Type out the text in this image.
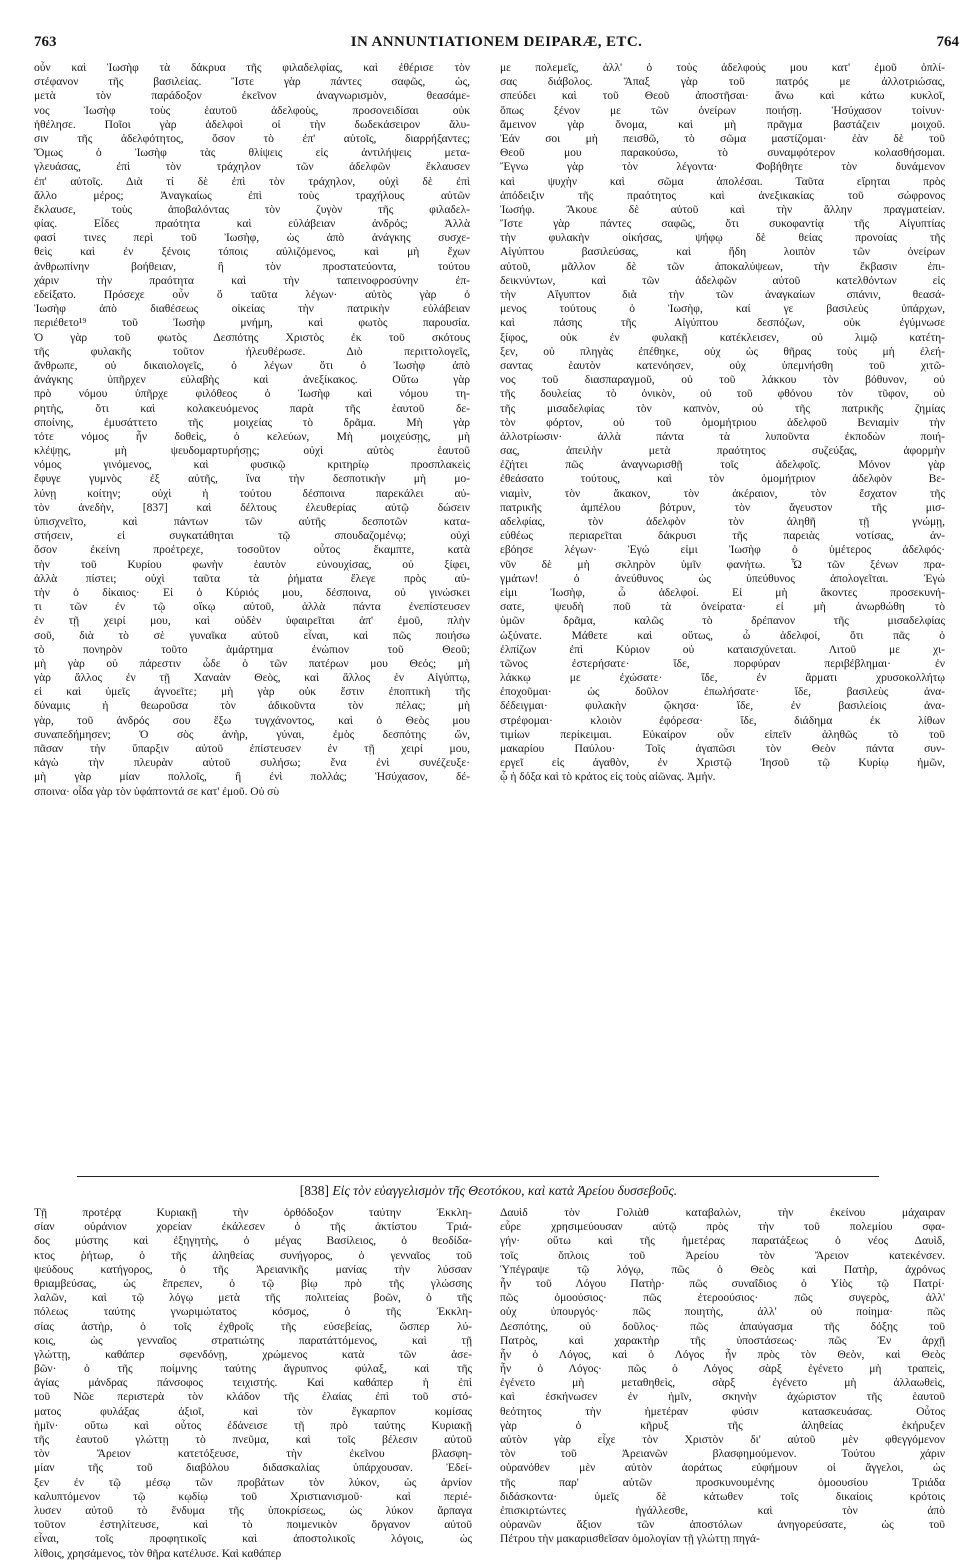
763	IN ANNUNTIATIONEM DEIPARÆ, ETC.	764
οὖν καὶ Ἰωσὴφ τὰ δάκρυα τῆς φιλαδελφίας, καὶ ἐθέρισε τὸν
στέφανον τῆς βασιλείας. Ἴστε γὰρ πάντες σαφῶς, ὡς,
μετὰ τὸν παράδοξον ἐκεῖνον ἀναγνωρισμὸν, θεασάμε-
νος Ἰωσὴφ τοὺς ἑαυτοῦ ἀδελφοὺς, προσονειδίσαι οὐκ
ἠθέλησε. Ποῖοι γὰρ ἀδελφοὶ οἱ τὴν δωδεκάσειρον ἅλυ-
σιν τῆς ἀδελφότητος, ὅσον τὸ ἐπ' αὐτοῖς, διαρρήξαντες;
Ὅμως ὁ Ἰωσὴφ τὰς θλίψεις εἰς ἀντιλήψεις μετα-
γλευάσας, ἐπὶ τὸν τράχηλον τῶν ἀδελφῶν ἔκλαυσεν
ἐπ' αὐτοῖς. Διὰ τί δὲ ἐπὶ τὸν τράχηλον, οὐχὶ δὲ ἐπὶ
ἄλλο μέρος; Ἀναγκαίως ἐπὶ τοὺς τραχήλους αὐτῶν
ἔκλαυσε, τοὺς ἀποβαλόντας τὸν ζυγὸν τῆς φιλαδελ-
φίας. Εἶδες πραότητα καὶ εὐλάβειαν ἀνδρός; Ἀλλὰ
φασί τινες περὶ τοῦ Ἰωσὴφ, ὡς ἀπὸ ἀνάγκης συσχε-
θεὶς καὶ ἐν ξένοις τόποις αὐλιζόμενος, καὶ μὴ ἔχων
ἀνθρωπίνην βοήθειαν, ἢ τὸν προστατεύοντα, τούτου
χάριν τὴν πραότητα καὶ τὴν ταπεινοφροσύνην ἐπ-
εδείξατο. Πρόσεχε οὖν ὅ ταῦτα λέγων· αὐτὸς γὰρ ὁ
Ἰωσὴφ ἀπὸ διαθέσεως οἰκείας τὴν πατρικὴν εὐλάβειαν
περιέθετο¹⁹ τοῦ Ἰωσὴφ μνήμη, καὶ φωτὸς παρουσία.
Ὁ γὰρ τοῦ φωτὸς Δεσπότης Χριστὸς ἐκ τοῦ σκότους
τῆς φυλακῆς τοῦτον ἠλευθέρωσε. Διὸ περιττολογεῖς,
ἄνθρωπε, οὐ δικαιολογεῖς, ὁ λέγων ὅτι ὁ Ἰωσὴφ ἀπὸ
ἀνάγκης ὑπῆρχεν εὐλαβὴς καὶ ἀνεξίκακος. Οὕτω γὰρ
πρὸ νόμου ὑπῆρχε φιλόθεος ὁ Ἰωσὴφ καὶ νόμου τη-
ρητὴς, ὅτι καὶ κολακευόμενος παρὰ τῆς ἑαυτοῦ δε-
σποίνης, ἐμυσάττετο τῆς μοιχείας τὸ δρᾶμα. Μὴ γὰρ
τότε νόμος ἦν δοθεὶς, ὁ κελεύων, Μὴ μοιχεύσῃς, μὴ
κλέψῃς, μὴ ψευδομαρτυρήσῃς; οὐχὶ αὐτὸς ἑαυτοῦ
νόμος γινόμενος, καὶ φυσικῷ κριτηρίῳ προσπλακεὶς
ἔφυγε γυμνὸς ἐξ αὐτῆς, ἵνα τὴν δεσποτικὴν μὴ μο-
λύνῃ κοίτην; οὐχὶ ἡ τούτου δέσποινα παρεκάλει αὐ-
τὸν ἀνεδὴν, [837] καὶ δέλτους ἐλευθερίας αὐτῷ δώσειν
ὑπισχνεῖτο, καὶ πάντων τῶν αὐτῆς δεσποτῶν κατα-
στήσειν, εἰ συγκατάθηται τῷ σπουδαζομένῳ; οὐχὶ
ὅσον ἐκείνη προέτρεχε, τοσοῦτον οὗτος ἔκαμπτε, κατὰ
τὴν τοῦ Κυρίου φωνὴν ἑαυτὸν εὐνουχίσας, οὐ ξίφει,
ἀλλὰ πίστει; οὐχὶ ταῦτα τὰ ῥήματα ἔλεγε πρὸς αὐ-
τὴν ὁ δίκαιος· Εἰ ὁ Κύριός μου, δέσποινα, οὐ γινώσκει
τι τῶν ἐν τῷ οἴκῳ αὐτοῦ, ἀλλὰ πάντα ἐνεπίστευσεν
ἐν τῇ χειρί μου, καὶ οὐδὲν ὑφαιρεῖται ἀπ' ἐμοῦ, πλὴν
σοῦ, διὰ τὸ σὲ γυναῖκα αὐτοῦ εἶναι, καὶ πῶς ποιήσω
τὸ πονηρὸν τοῦτο ἁμάρτημα ἐνώπιον τοῦ Θεοῦ;
μὴ γὰρ οὐ πάρεστιν ὧδε ὁ τῶν πατέρων μου Θεός; μὴ
γὰρ ἄλλος ἐν τῇ Χαναὰν Θεὸς, καὶ ἄλλος ἐν Αἰγύπτῳ,
εἰ καὶ ὑμεῖς ἀγνοεῖτε; μὴ γὰρ οὐκ ἔστιν ἐποπτικὴ τῆς
δύναμις ἡ θεωροῦσα τὸν ἀδικοῦντα τὸν πέλας; μὴ
γὰρ, τοῦ ἀνδρός σου ἔξω τυγχάνοντος, καὶ ὁ Θεὸς μου
συναπεδήμησεν; Ὁ σὸς ἀνὴρ, γύναι, ἐμὸς δεσπότης ὤν,
πᾶσαν τὴν ὕπαρξιν αὐτοῦ ἐπίστευσεν ἐν τῇ χειρί μου,
κἀγὼ τὴν πλευρὰν αὐτοῦ συλήσω; ἕνα ἐνὶ συνέζευξε·
μὴ γὰρ μίαν πολλοῖς, ἢ ἐνὶ πολλάς; Ἡσύχασον, δέ-
σποινα· οἶδα γὰρ τὸν ὑφάπτοντά σε κατ' ἐμοῦ. Οὐ σὺ
με πολεμεῖς, ἀλλ' ὁ τοὺς ἀδελφούς μου κατ' ἐμοῦ ὁπλί-
σας διάβολος. Ἅπαξ γὰρ τοῦ πατρός με ἀλλοτριώσας,
σπεύδει καὶ τοῦ Θεοῦ ἀποστῆσαι· ἄνω καὶ κάτω κυκλοῖ,
ὅπως ξένον με τῶν ὀνείρων ποιήσῃ. Ἡσύχασον τοίνυν·
ἄμεινον γὰρ ὄνομα, καὶ μὴ πρᾶγμα βαστάζειν μοιχοῦ.
Ἐάν σοι μὴ πεισθῶ, τὸ σῶμα μαστίζομαι· ἐὰν δὲ τοῦ
Θεοῦ μου παρακούσω, τὸ συναμφότερον κολασθήσομαι.
Ἔγνω γὰρ τὸν λέγοντα· Φοβήθητε τὸν δυνάμενον
καὶ ψυχὴν καὶ σῶμα ἀπολέσαι. Ταῦτα εἴρηται πρὸς
ἀπόδειξιν τῆς πραότητος καὶ ἀνεξικακίας τοῦ σώφρονος
Ἰωσήφ. Ἄκουε δὲ αὐτοῦ καὶ τὴν ἄλλην πραγματείαν.
Ἴστε γὰρ πάντες σαφῶς, ὅτι συκοφαντίᾳ τῆς Αἰγυπτίας
τὴν φυλακὴν οἰκήσας, ψήφῳ δὲ θείας προνοίας τῆς
Αἰγύπτου βασιλεύσας, καὶ ἤδη λοιπὸν τῶν ὀνείρων
αὐτοῦ, μᾶλλον δὲ τῶν ἀποκαλύψεων, τὴν ἔκβασιν ἐπι-
δεικνύντων, καὶ τῶν ἀδελφῶν αὐτοῦ κατελθόντων εἰς
τὴν Αἴγυπτον διὰ τὴν τῶν ἀναγκαίων σπάνιν, θεασά-
μενος τούτους ὁ Ἰωσὴφ, καί γε βασιλεὺς ὑπάρχων,
καὶ πάσης τῆς Αἰγύπτου δεσπόζων, οὐκ ἐγύμνωσε
ξίφος, οὐκ ἐν φυλακῇ κατέκλεισεν, οὐ λιμῷ κατέτη-
ξεν, οὐ πληγὰς ἐπέθηκε, οὐχ ὡς θῆρας τοὺς μὴ ἐλεή-
σαντας ἑαυτὸν κατενόησεν, οὐχ ὑπεμνήσθη τοῦ χιτῶ-
νος τοῦ διασπαραγμοῦ, οὐ τοῦ λάκκου τὸν βόθυνον, οὐ
τῆς δουλείας τὸ ὀνικὸν, οὐ τοῦ φθόνου τὸν τῦφον, οὐ
τῆς μισαδελφίας τὸν καπνὸν, οὐ τῆς πατρικῆς ζημίας
τὸν φόρτον, οὐ τοῦ ὁμομήτριου ἀδελφοῦ Βενιαμὶν τὴν
ἀλλοτρίωσιν· ἀλλὰ πάντα τὰ λυποῦντα ἐκποδὼν ποιή-
σας, ἀπειλὴν μετὰ πραότητος συζεύξας, ἀφορμὴν
ἐζήτει πῶς ἀναγνωρισθῇ τοῖς ἀδελφοῖς. Μόνον γὰρ
ἐθεάσατο τούτους, καὶ τὸν ὁμομήτριον ἀδελφὸν Βε-
νιαμὶν, τὸν ἄκακον, τὸν ἀκέραιον, τὸν ἔσχατον τῆς
πατρικῆς ἀμπέλου βότρυν, τὸν ἄγευστον τῆς μισ-
αδελφίας, τὸν ἀδελφὸν τὸν ἀληθῆ τῇ γνώμῃ,
εὐθέως περιαρεῖται δάκρυσι τῆς παρειὰς νοτίσας, ἀν-
εβόησε λέγων· Ἐγώ εἰμι Ἰωσὴφ ὁ ὑμέτερος ἀδελφός·
νῦν δὲ μὴ σκληρὸν ὑμῖν φανήτω. Ὦ τῶν ξένων πρα-
γμάτων! ὁ ἀνεύθυνος ὡς ὑπεύθυνος ἀπολογεῖται. Ἐγώ
εἰμι Ἰωσὴφ, ὦ ἀδελφοί. Εἰ μὴ ἄκοντες προσεκυνή-
σατε, ψευδὴ ποῦ τὰ ὀνείρατα· εἰ μὴ ἀνωρθώθη τὸ
ὑμῶν δρᾶμα, καλῶς τὸ δρέπανον τῆς μισαδελφίας
ὠξύνατε. Μάθετε καὶ οὕτως, ὦ ἀδελφοί, ὅτι πᾶς ὁ
ἐλπίζων ἐπὶ Κύριον οὐ καταισχύνεται. Λιτοῦ με χι-
τῶνος ἐστερήσατε· ἴδε, πορφύραν περιβέβλημαι· ἐν
λάκκῳ με ἐχώσατε· ἴδε, ἐν ἅρματι χρυσοκολλήτῳ
ἐποχοῦμαι· ὡς δοῦλον ἐπωλήσατε· ἴδε, βασιλεὺς ἀνα-
δέδειγμαι· φυλακὴν ᾤκησα· ἴδε, ἐν βασιλείοις ἀνα-
στρέφομαι· κλοιὸν ἐφόρεσα· ἴδε, διάδημα ἐκ λίθων
τιμίων περίκειμαι. Εὐκαίρον οὖν εἰπεῖν ἀληθῶς τὸ τοῦ
μακαρίου Παύλου· Τοῖς ἀγαπῶσι τὸν Θεὸν πάντα συν-
εργεῖ εἰς ἀγαθὸν, ἐν Χριστῷ Ἰησοῦ τῷ Κυρίῳ ἡμῶν,
ᾧ ἡ δόξα καὶ τὸ κράτος εἰς τοὺς αἰῶνας. Ἀμήν.
[838] Εἰς τὸν εὐαγγελισμὸν τῆς Θεοτόκου, καὶ κατὰ Ἀρείου δυσσεβοῦς.
Τῇ προτέρᾳ Κυριακῇ τὴν ὀρθόδοξον ταύτην Ἐκκλη-
σίαν οὐράνιον χορείαν ἐκάλεσεν ὁ τῆς ἀκτίστου Τριά-
δος μύστης καὶ ἐξηγητὴς, ὁ μέγας Βασίλειος, ὁ θεοδίδα-
κτος ῥήτωρ, ὁ τῆς ἀληθείας συνήγορος, ὁ γενναῖος τοῦ
ψεύδους κατήγορος, ὁ τῆς Ἀρειανικῆς μανίας τὴν λύσσαν
θριαμβεύσας, ὡς ἔπρεπεν, ὁ τῷ βίῳ πρὸ τῆς γλώσσης
λαλῶν, καὶ τῷ λόγῳ μετὰ τῆς πολιτείας βοῶν, ὁ τῆς
πόλεως ταύτης γνωριμώτατος κόσμος, ὁ τῆς Ἐκκλη-
σίας ἀστὴρ, ὁ τοῖς ἐχθροῖς τῆς εὐσεβείας, ὥσπερ λύ-
κοις, ὡς γενναῖος στρατιώτης παρατάττόμενος, καὶ τῇ
γλώττῃ, καθάπερ σφενδόνῃ, χρώμενος κατὰ τῶν ἀσε-
βῶν· ὁ τῆς ποίμνης ταύτης ἄγρυπνος φύλαξ, καὶ τῆς
ἁγίας μάνδρας πάνσοφος τειχιστής. Καὶ καθάπερ ἡ ἐπὶ
τοῦ Νῶε περιστερὰ τὸν κλάδον τῆς ἐλαίας ἐπὶ τοῦ στό-
ματος φυλάξας ἀξιοῖ, καὶ τὸν ἔγκαρπον κομίσας
ἡμῖν· οὕτω καὶ οὗτος ἐδάνεισε τῇ πρὸ ταύτης Κυριακῇ
τῆς ἑαυτοῦ γλώττῃ τὸ πνεῦμα, καὶ τοῖς βέλεσιν αὐτοῦ
τὸν Ἄρειον κατετόξευσε, τὴν ἐκεῖνου βλασφη-
μίαν τῆς τοῦ διαβόλου διδασκαλίας ὑπάρχουσαν. Ἐδεί-
ξεν ἐν τῷ μέσῳ τῶν προβάτων τὸν λύκον, ὡς ἀρνίον
καλυπτόμενον τῷ κῳδίῳ τοῦ Χριστιανισμοῦ· καὶ περιέ-
λυσεν αὐτοῦ τὸ ἔνδυμα τῆς ὑποκρίσεως, ὡς λύκον ἅρπαγα
τοῦτον ἐστηλίτευσε, καὶ τὸ ποιμενικὸν ὄργανον αὐτοῦ
εἶναι, τοῖς προφητικοῖς καὶ ἀποστολικοῖς λόγοις, ὡς
λίθοις, χρησάμενος, τὸν θῆρα κατέλυσε. Καὶ καθάπερ
Δαυὶδ τὸν Γολιὰθ καταβαλὼν, τὴν ἐκείνου μάχαιραν
εὗρε χρησιμεύουσαν αὐτῷ πρὸς τὴν τοῦ πολεμίου σφα-
γήν· οὕτω καὶ τῆς ἡμετέρας παρατάξεως ὁ νέος Δαυὶδ,
τοῖς ὅπλοις τοῦ Ἀρείου τὸν Ἄρειον κατεκένσεν.
Ὑπέγραψε τῷ λόγῳ, πῶς ὁ Θεὸς καὶ Πατὴρ, ἀχρόνως
ἦν τοῦ Λόγου Πατὴρ· πῶς συναΐδιος ὁ Υἱὸς τῷ Πατρί·
πῶς ὁμοούσιος· πῶς ἐτεροούσιος· πῶς συγερὸς, ἀλλ'
οὐχ ὑπουργός· πῶς ποιητὴς, ἀλλ' οὐ ποίημα· πῶς
Δεσπότης, οὐ δοῦλος· πῶς ἀπαύγασμα τῆς δόξης τοῦ
Πατρὸς, καὶ χαρακτὴρ τῆς ὑποστάσεως· πῶς Ἐν ἀρχῇ
ἦν ὁ Λόγος, καὶ ὁ Λόγος ἦν πρὸς τὸν Θεὸν, καὶ Θεὸς
ἦν ὁ Λόγος· πῶς ὁ Λόγος σὰρξ ἐγένετο μὴ τραπεὶς,
ἐγένετο μὴ μεταθηθεὶς, σὰρξ ἐγένετο μὴ ἀλλαωθεὶς,
καὶ ἐσκήνωσεν ἐν ἡμῖν, σκηνὴν ἀχώριστον τῆς ἑαυτοῦ
θεότητος τὴν ἡμετέραν φύσιν κατασκευάσας. Οὗτος
γὰρ ὁ κῆρυξ τῆς ἀληθείας ἐκήρυξεν
αὐτὸν γὰρ εἶχε τὸν Χριστὸν δι' αὐτοῦ μὲν φθεγγόμενον
τὸν τοῦ Ἀρειανῶν βλασφημούμενον. Τούτου χάριν
οὐρανόθεν μὲν αὐτὸν ἀοράτως εὐφήμουν οἱ ἄγγελοι, ὡς
τῆς παρ' αὐτῶν προσκυνουμένης ὁμοουσίου Τριάδα
διδάσκοντα· ὑμεῖς δὲ κάτωθεν τοῖς δικαίοις κρότοις
ἐπισκιρτώντες ἠγάλλεσθε, καὶ τὸν ἀπὸ
οὐρανῶν ἄξιον τῶν ἀποστόλων ἀνηγορεύσατε, ὡς τοῦ
Πέτρου τὴν μακαριισθεῖσαν ὁμολογίαν τῇ γλώττῃ πηγά-
